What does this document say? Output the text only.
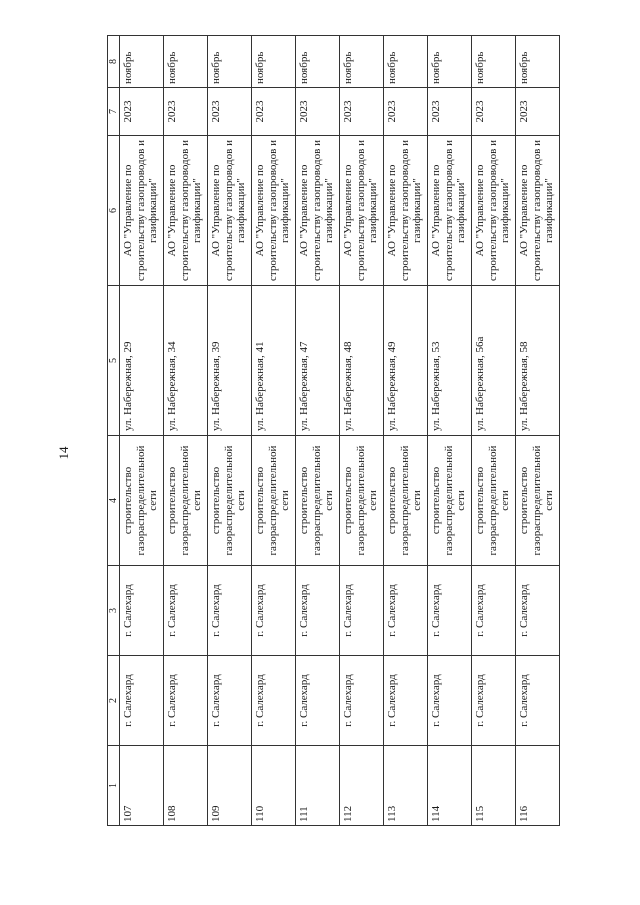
14
1	2	3	4	5	6	7	8
107	г. Салехард	г. Салехард	строительство газораспределительной сети	ул. Набережная, 29	АО "Управление по строительству газопроводов и газификации"	2023	ноябрь
108	г. Салехард	г. Салехард	строительство газораспределительной сети	ул. Набережная, 34	АО "Управление по строительству газопроводов и газификации"	2023	ноябрь
109	г. Салехард	г. Салехард	строительство газораспределительной сети	ул. Набережная, 39	АО "Управление по строительству газопроводов и газификации"	2023	ноябрь
110	г. Салехард	г. Салехард	строительство газораспределительной сети	ул. Набережная, 41	АО "Управление по строительству газопроводов и газификации"	2023	ноябрь
111	г. Салехард	г. Салехард	строительство газораспределительной сети	ул. Набережная, 47	АО "Управление по строительству газопроводов и газификации"	2023	ноябрь
112	г. Салехард	г. Салехард	строительство газораспределительной сети	ул. Набережная, 48	АО "Управление по строительству газопроводов и газификации"	2023	ноябрь
113	г. Салехард	г. Салехард	строительство газораспределительной сети	ул. Набережная, 49	АО "Управление по строительству газопроводов и газификации"	2023	ноябрь
114	г. Салехард	г. Салехард	строительство газораспределительной сети	ул. Набережная, 53	АО "Управление по строительству газопроводов и газификации"	2023	ноябрь
115	г. Салехард	г. Салехард	строительство газораспределительной сети	ул. Набережная, 56а	АО "Управление по строительству газопроводов и газификации"	2023	ноябрь
116	г. Салехард	г. Салехард	строительство газораспределительной сети	ул. Набережная, 58	АО "Управление по строительству газопроводов и газификации"	2023	ноябрь
